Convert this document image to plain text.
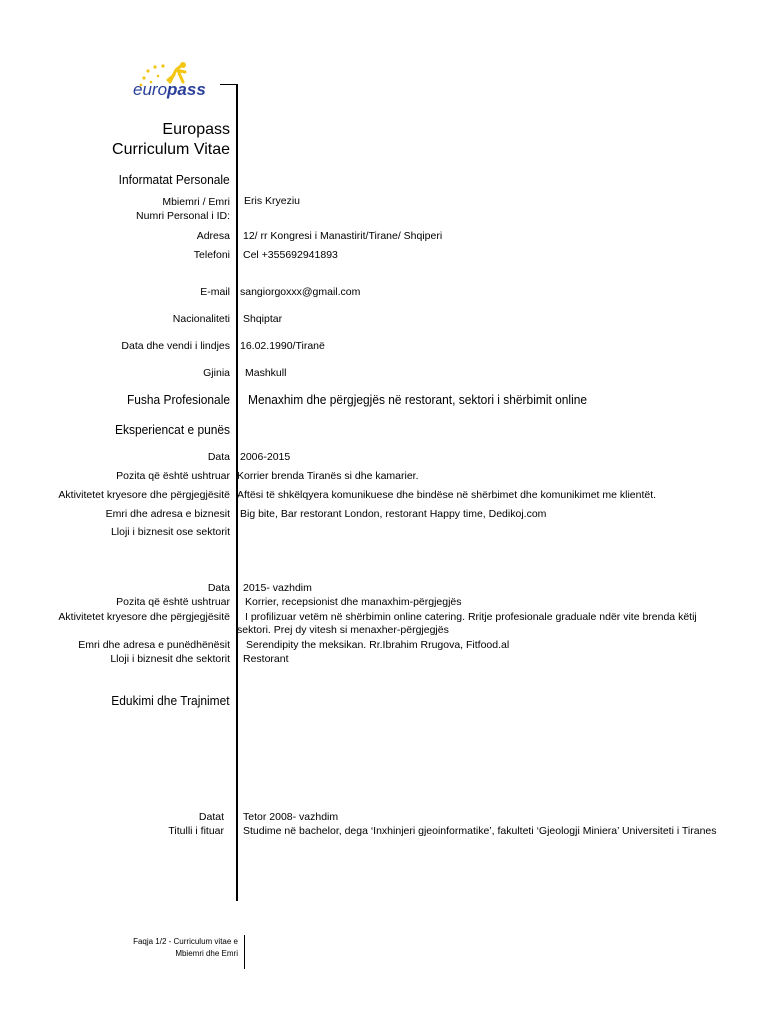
europass
Europass
Curriculum Vitae
Informatat Personale
Mbiemri / Emri
Numri Personal i ID:
Eris Kryeziu
Adresa 12/ rr Kongresi i Manastirit/Tirane/ Shqiperi
Telefoni Cel +355692941893
E-mail sangiorgoxxx@gmail.com
Nacionaliteti Shqiptar
Data dhe vendi i lindjes 16.02.1990/Tiranë
Gjinia Mashkull
Fusha Profesionale Menaxhim dhe përgjegjës në restorant, sektori i shërbimit online
Eksperiencat e punës
Data 2006-2015
Pozita që është ushtruar Korrier brenda Tiranës si dhe kamarier.
Aktivitetet kryesore dhe përgjegjësitë Aftësi të shkëlqyera komunikuese dhe bindëse në shërbimet dhe komunikimet me klientët.
Emri dhe adresa e biznesit Big bite, Bar restorant London, restorant Happy time, Dedikoj.com
Lloji i biznesit ose sektorit
Data 2015- vazhdim
Pozita që është ushtruar Korrier, recepsionist dhe manaxhim-përgjegjës
Aktivitetet kryesore dhe përgjegjësitë I profilizuar vetëm në shërbimin online catering. Rritje profesionale graduale ndër vite brenda këtij
sektori. Prej dy vitesh si menaxher-përgjegjës
Emri dhe adresa e punëdhënësit Serendipity the meksikan. Rr.Ibrahim Rrugova, Fitfood.al
Lloji i biznesit dhe sektorit Restorant
Edukimi dhe Trajnimet
Datat Tetor 2008- vazhdim
Titulli i fituar Studime në bachelor, dega ‘Inxhinjeri gjeoinformatike’, fakulteti ‘Gjeologji Miniera’ Universiteti i Tiranes
Faqja 1/2 - Curriculum vitae e
Mbiemri dhe Emri
